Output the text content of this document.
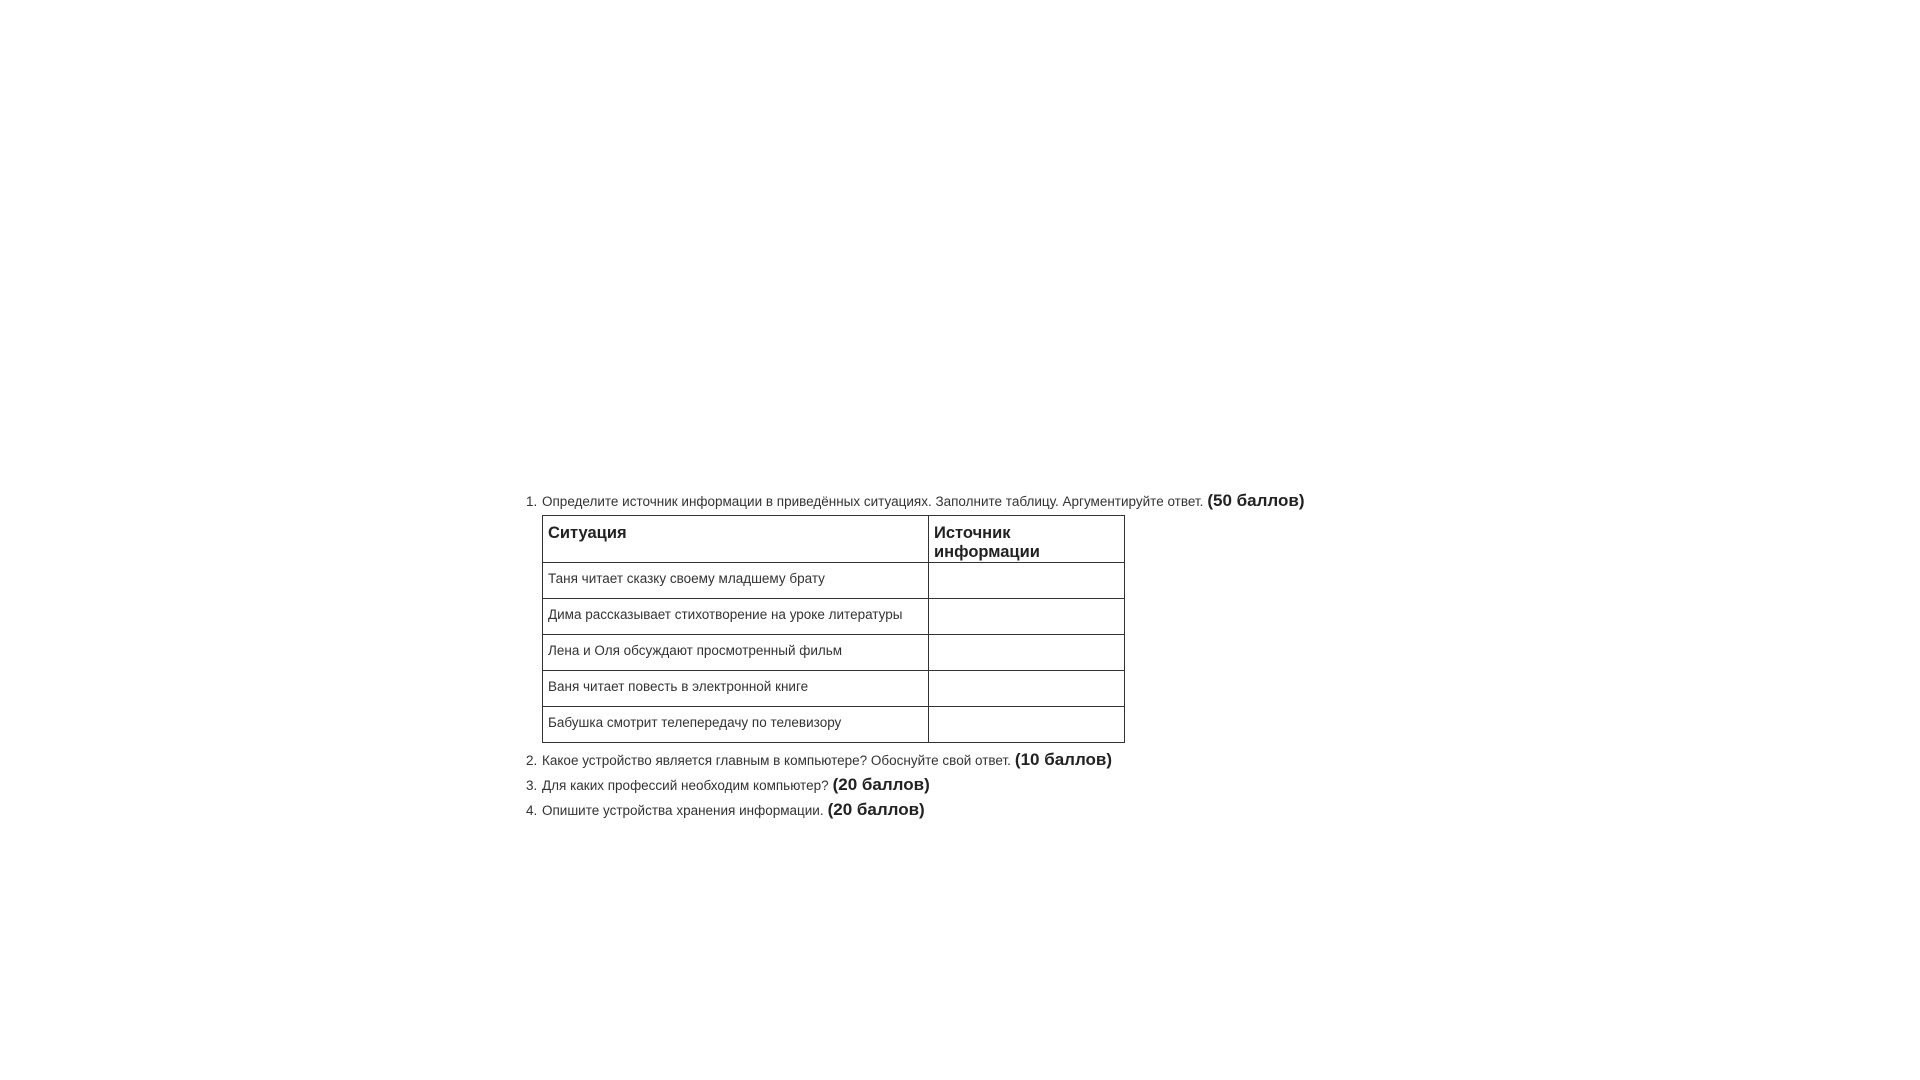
1. Определите источник информации в приведённых ситуациях. Заполните таблицу. Аргументируйте ответ. (50 баллов)
Ситуация	Источник информации
Таня читает сказку своему младшему брату	
Дима рассказывает стихотворение на уроке литературы	
Лена и Оля обсуждают просмотренный фильм	
Ваня читает повесть в электронной книге	
Бабушка смотрит телепередачу по телевизору	
2. Какое устройство является главным в компьютере? Обоснуйте свой ответ. (10 баллов)
3. Для каких профессий необходим компьютер? (20 баллов)
4. Опишите устройства хранения информации. (20 баллов)
